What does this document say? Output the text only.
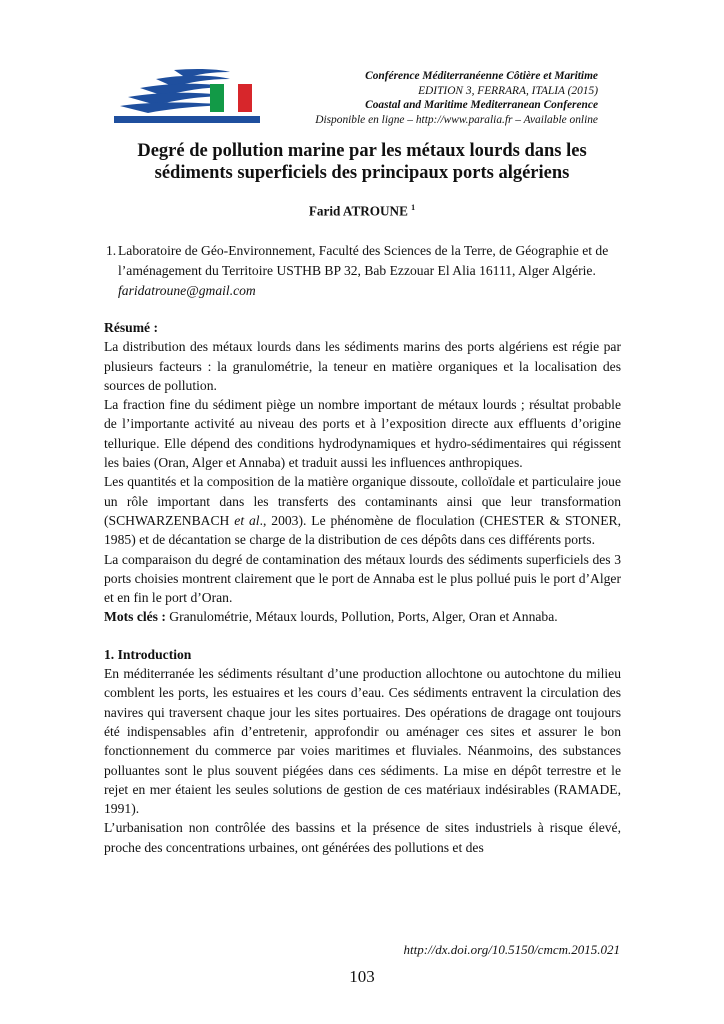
Conférence Méditerranéenne Côtière et Maritime
EDITION 3, FERRARA, ITALIA (2015)
Coastal and Maritime Mediterranean Conference
Disponible en ligne – http://www.paralia.fr – Available online
Degré de pollution marine par les métaux lourds dans les
sédiments superficiels des principaux ports algériens
Farid ATROUNE $^1$
1. Laboratoire de Géo-Environnement, Faculté des Sciences de la Terre, de Géographie et de l’aménagement du Territoire USTHB BP 32, Bab Ezzouar El Alia 16111, Alger Algérie. faridatroune@gmail.com

Résumé :

La distribution des métaux lourds dans les sédiments marins des ports algériens est régie par plusieurs facteurs : la granulométrie, la teneur en matière organiques et la localisation des sources de pollution.

La fraction fine du sédiment piège un nombre important de métaux lourds ; résultat probable de l’importante activité au niveau des ports et à l’exposition directe aux effluents d’origine tellurique. Elle dépend des conditions hydrodynamiques et hydro-sédimentaires qui régissent les baies (Oran, Alger et Annaba) et traduit aussi les influences anthropiques.

Les quantités et la composition de la matière organique dissoute, colloïdale et particulaire joue un rôle important dans les transferts des contaminants ainsi que leur transformation (SCHWARZENBACH et al., 2003). Le phénomène de floculation (CHESTER & STONER, 1985) et de décantation se charge de la distribution de ces dépôts dans ces différents ports.

La comparaison du degré de contamination des métaux lourds des sédiments superficiels des 3 ports choisies montrent clairement que le port de Annaba est le plus pollué puis le port d’Alger et en fin le port d’Oran.

Mots clés : Granulométrie, Métaux lourds, Pollution, Ports, Alger, Oran et Annaba.

1. Introduction

En méditerranée les sédiments résultant d’une production allochtone ou autochtone du milieu comblent les ports, les estuaires et les cours d’eau. Ces sédiments entravent la circulation des navires qui traversent chaque jour les sites portuaires. Des opérations de dragage ont toujours été indispensables afin d’entretenir, approfondir ou aménager ces sites et assurer le bon fonctionnement du commerce par voies maritimes et fluviales. Néanmoins, des substances polluantes sont le plus souvent piégées dans ces sédiments. La mise en dépôt terrestre et le rejet en mer étaient les seules solutions de gestion de ces matériaux indésirables (RAMADE, 1991).

L’urbanisation non contrôlée des bassins et la présence de sites industriels à risque élevé, proche des concentrations urbaines, ont générées des pollutions et des

http://dx.doi.org/10.5150/cmcm.2015.021
103
